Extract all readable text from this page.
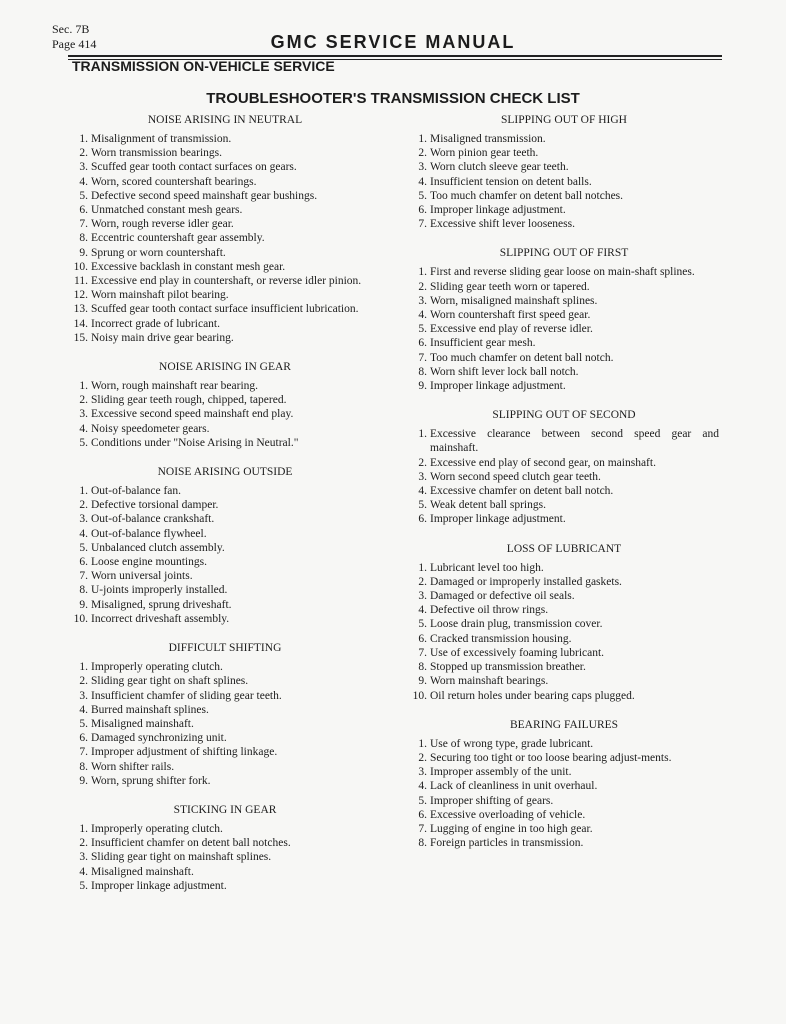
Sec. 7B
Page 414	GMC SERVICE MANUAL
TRANSMISSION ON-VEHICLE SERVICE
TROUBLESHOOTER'S TRANSMISSION CHECK LIST
NOISE ARISING IN NEUTRAL
1. Misalignment of transmission.
2. Worn transmission bearings.
3. Scuffed gear tooth contact surfaces on gears.
4. Worn, scored countershaft bearings.
5. Defective second speed mainshaft gear bushings.
6. Unmatched constant mesh gears.
7. Worn, rough reverse idler gear.
8. Eccentric countershaft gear assembly.
9. Sprung or worn countershaft.
10. Excessive backlash in constant mesh gear.
11. Excessive end play in countershaft, or reverse idler pinion.
12. Worn mainshaft pilot bearing.
13. Scuffed gear tooth contact surface insufficient lubrication.
14. Incorrect grade of lubricant.
15. Noisy main drive gear bearing.
NOISE ARISING IN GEAR
1. Worn, rough mainshaft rear bearing.
2. Sliding gear teeth rough, chipped, tapered.
3. Excessive second speed mainshaft end play.
4. Noisy speedometer gears.
5. Conditions under "Noise Arising in Neutral."
NOISE ARISING OUTSIDE
1. Out-of-balance fan.
2. Defective torsional damper.
3. Out-of-balance crankshaft.
4. Out-of-balance flywheel.
5. Unbalanced clutch assembly.
6. Loose engine mountings.
7. Worn universal joints.
8. U-joints improperly installed.
9. Misaligned, sprung driveshaft.
10. Incorrect driveshaft assembly.
DIFFICULT SHIFTING
1. Improperly operating clutch.
2. Sliding gear tight on shaft splines.
3. Insufficient chamfer of sliding gear teeth.
4. Burred mainshaft splines.
5. Misaligned mainshaft.
6. Damaged synchronizing unit.
7. Improper adjustment of shifting linkage.
8. Worn shifter rails.
9. Worn, sprung shifter fork.
STICKING IN GEAR
1. Improperly operating clutch.
2. Insufficient chamfer on detent ball notches.
3. Sliding gear tight on mainshaft splines.
4. Misaligned mainshaft.
5. Improper linkage adjustment.
SLIPPING OUT OF HIGH
1. Misaligned transmission.
2. Worn pinion gear teeth.
3. Worn clutch sleeve gear teeth.
4. Insufficient tension on detent balls.
5. Too much chamfer on detent ball notches.
6. Improper linkage adjustment.
7. Excessive shift lever looseness.
SLIPPING OUT OF FIRST
1. First and reverse sliding gear loose on main-shaft splines.
2. Sliding gear teeth worn or tapered.
3. Worn, misaligned mainshaft splines.
4. Worn countershaft first speed gear.
5. Excessive end play of reverse idler.
6. Insufficient gear mesh.
7. Too much chamfer on detent ball notch.
8. Worn shift lever lock ball notch.
9. Improper linkage adjustment.
SLIPPING OUT OF SECOND
1. Excessive clearance between second speed gear and mainshaft.
2. Excessive end play of second gear, on mainshaft.
3. Worn second speed clutch gear teeth.
4. Excessive chamfer on detent ball notch.
5. Weak detent ball springs.
6. Improper linkage adjustment.
LOSS OF LUBRICANT
1. Lubricant level too high.
2. Damaged or improperly installed gaskets.
3. Damaged or defective oil seals.
4. Defective oil throw rings.
5. Loose drain plug, transmission cover.
6. Cracked transmission housing.
7. Use of excessively foaming lubricant.
8. Stopped up transmission breather.
9. Worn mainshaft bearings.
10. Oil return holes under bearing caps plugged.
BEARING FAILURES
1. Use of wrong type, grade lubricant.
2. Securing too tight or too loose bearing adjust-ments.
3. Improper assembly of the unit.
4. Lack of cleanliness in unit overhaul.
5. Improper shifting of gears.
6. Excessive overloading of vehicle.
7. Lugging of engine in too high gear.
8. Foreign particles in transmission.
